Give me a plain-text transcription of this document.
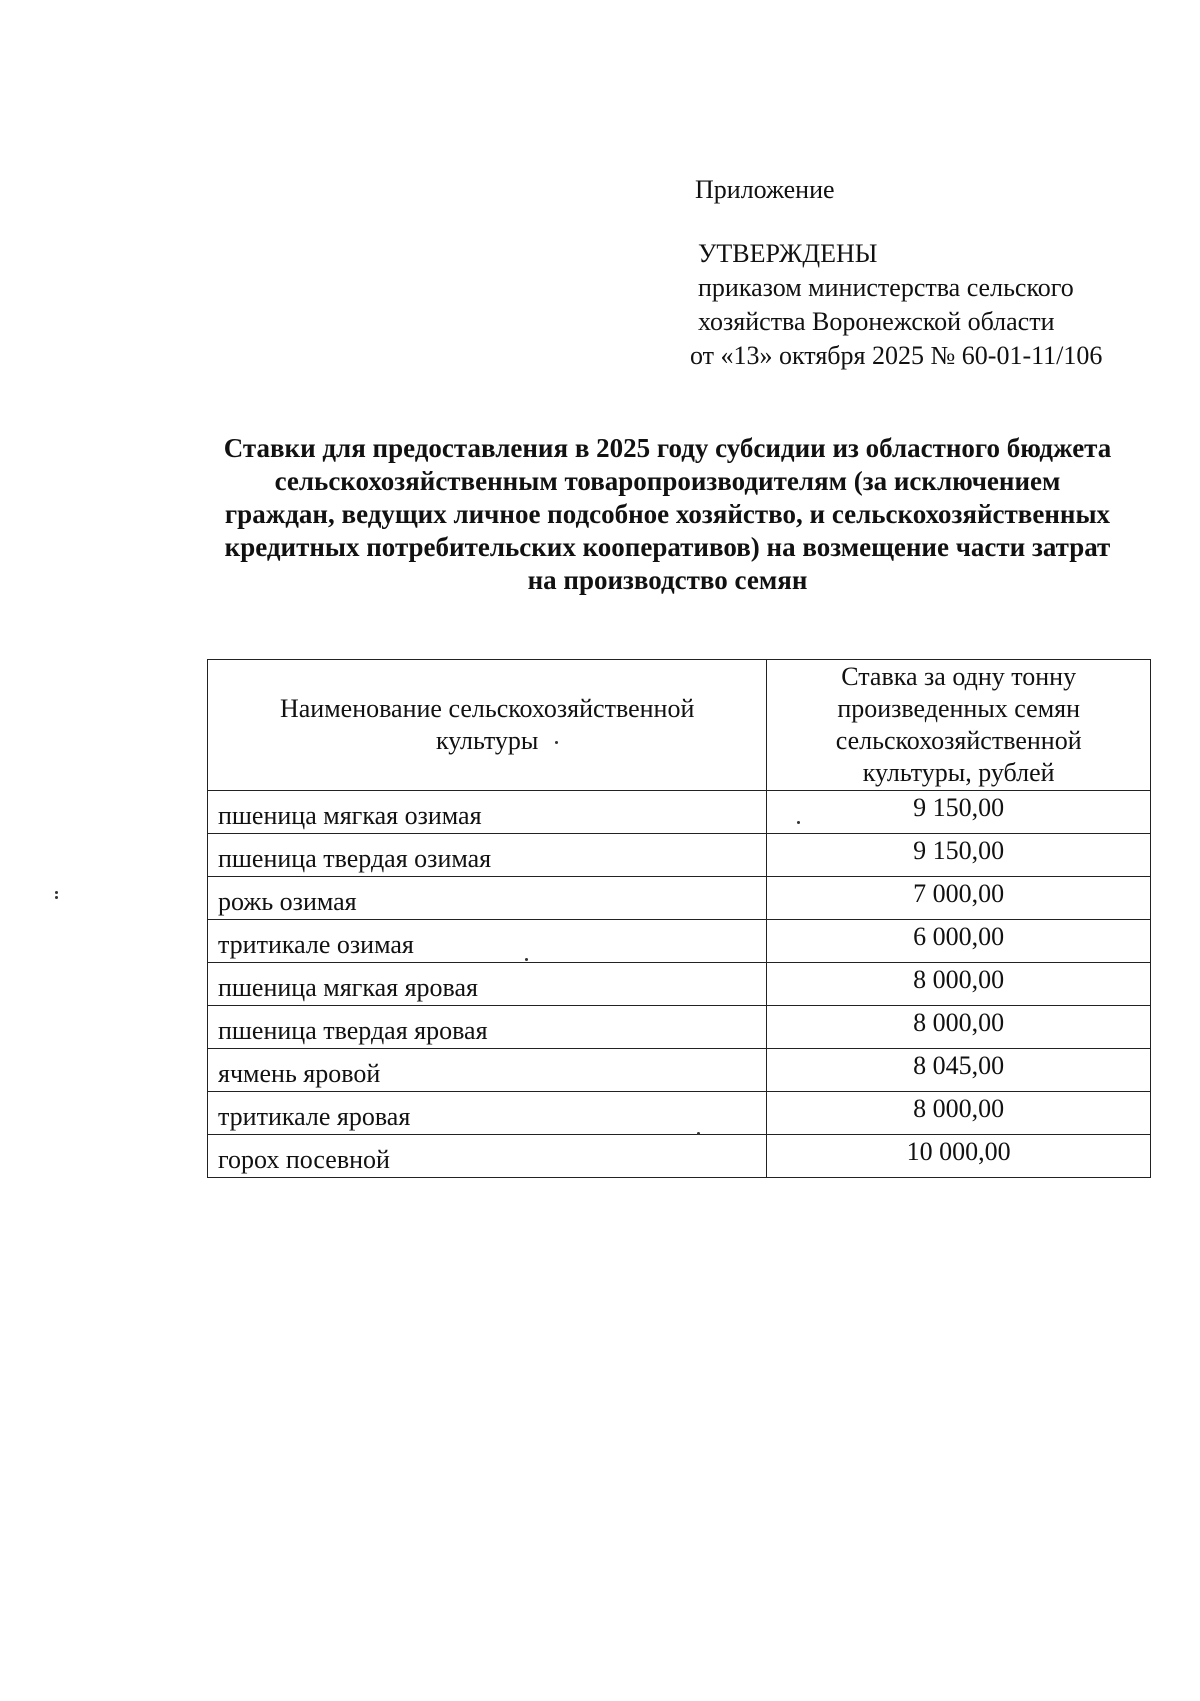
Приложение
УТВЕРЖДЕНЫ
приказом министерства сельского
хозяйства Воронежской области
от «13» октября 2025 № 60-01-11/106
Ставки для предоставления в 2025 году субсидии из областного бюджета
сельскохозяйственным товаропроизводителям (за исключением
граждан, ведущих личное подсобное хозяйство, и сельскохозяйственных
кредитных потребительских кооперативов) на возмещение части затрат
на производство семян
Наименование сельскохозяйственной культуры	Ставка за одну тонну произведенных семян сельскохозяйственной культуры, рублей
пшеница мягкая озимая	9 150,00
пшеница твердая озимая	9 150,00
рожь озимая	7 000,00
тритикале озимая	6 000,00
пшеница мягкая яровая	8 000,00
пшеница твердая яровая	8 000,00
ячмень яровой	8 045,00
тритикале яровая	8 000,00
горох посевной	10 000,00
